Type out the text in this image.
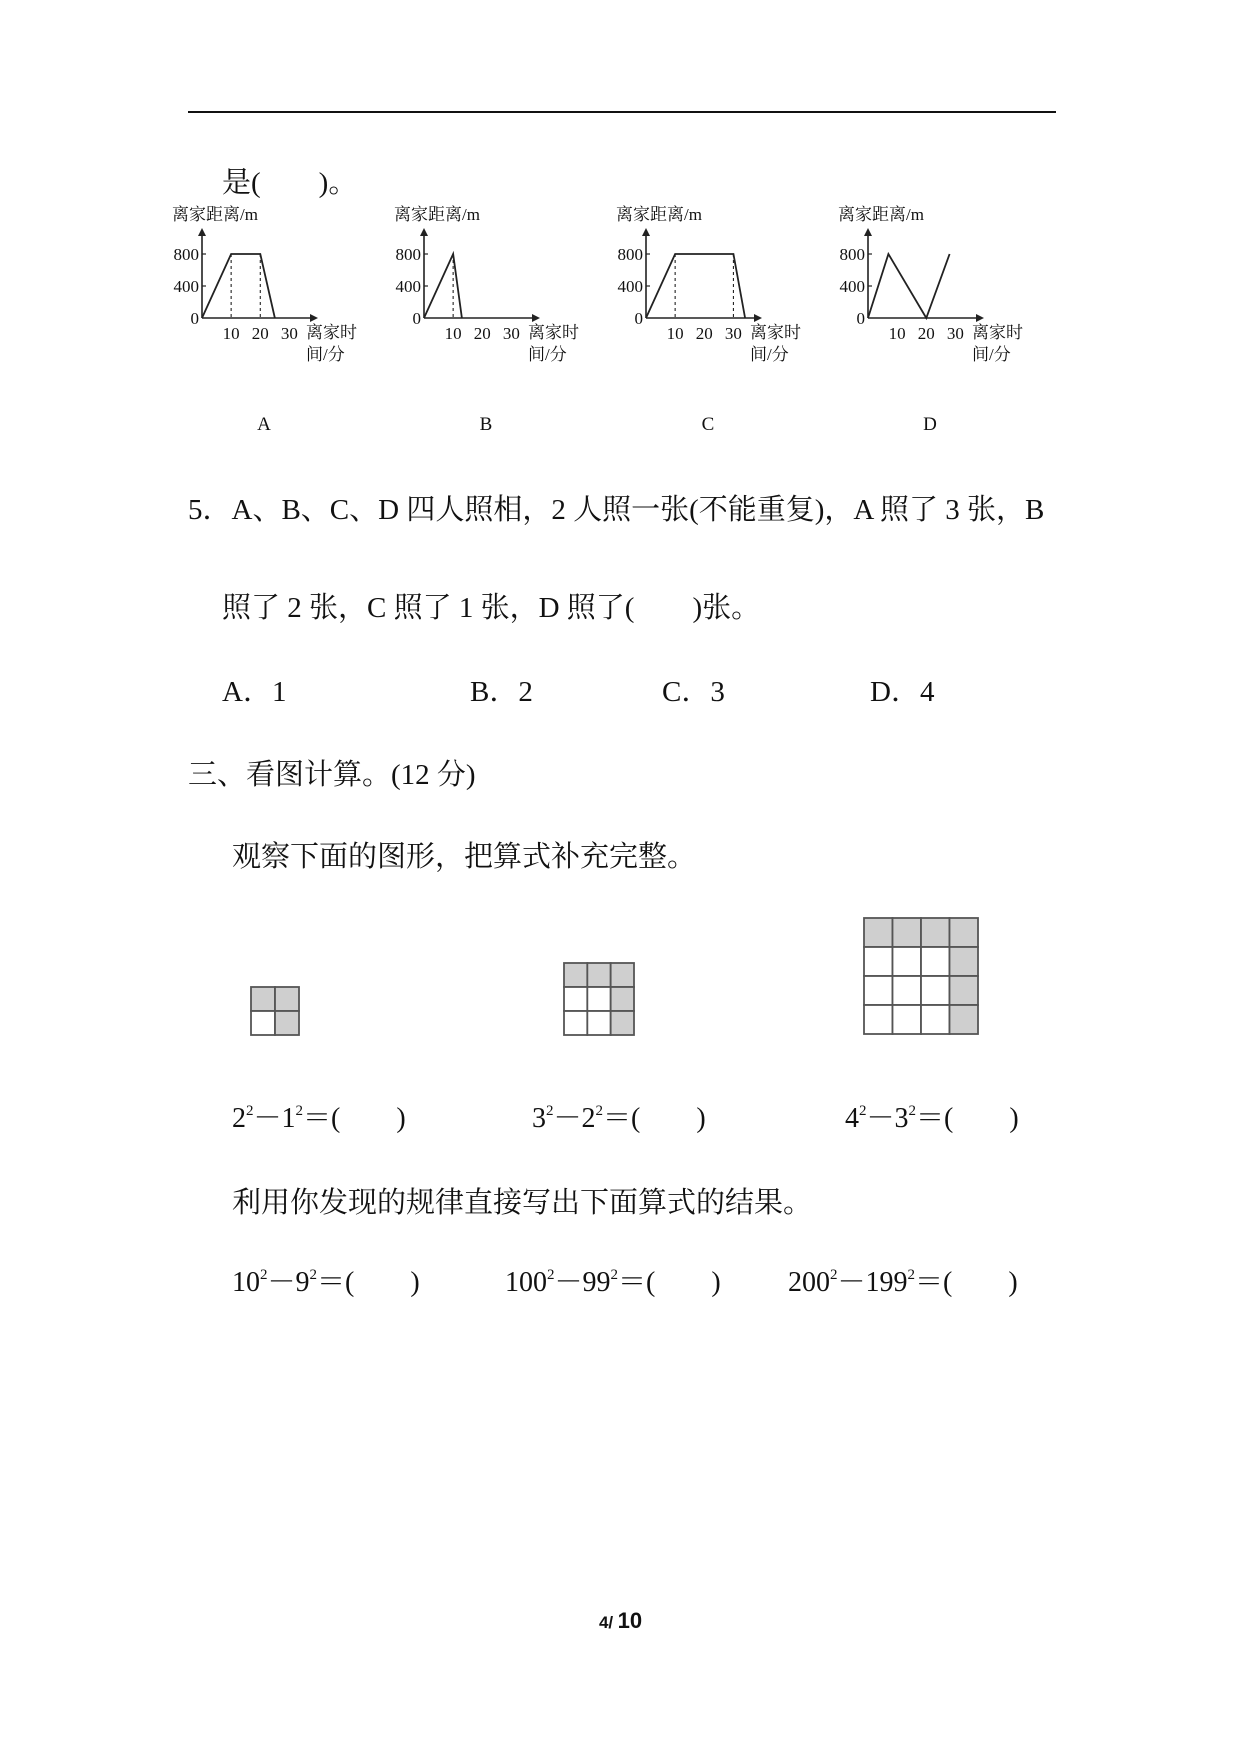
是(　　)。
离家距离/m
离家时
间/分
0
400
800
10 20 30
A
离家距离/m
离家时
间/分
0
400
800
10 20 30
B
离家距离/m
离家时
间/分
0
400
800
10 20 30
C
离家距离/m
离家时
间/分
0
400
800
10 20 30
D
5．A、B、C、D 四人照相，2 人照一张(不能重复)，A 照了 3 张，B
照了 2 张，C 照了 1 张，D 照了(　　)张。
A．1	B．2	C．3	D．4
三、看图计算。(12 分)
观察下面的图形，把算式补充完整。
$2^2-1^2=$(　　)	$3^2-2^2=$(　　)	$4^2-3^2=$(　　)
利用你发现的规律直接写出下面算式的结果。
$10^2-9^2=$(　　)	$100^2-99^2=$(　　) $200^2-199^2=$(　　)
4/ 10
